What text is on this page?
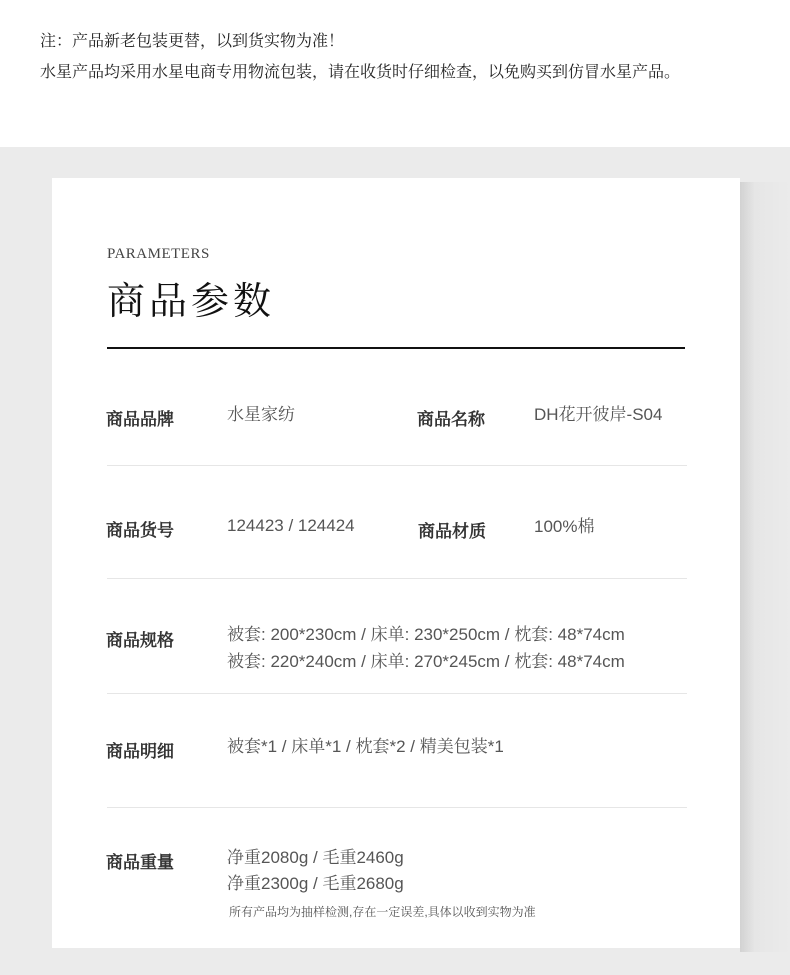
注：产品新老包装更替，以到货实物为准！
水星产品均采用水星电商专用物流包装，请在收货时仔细检查，以免购买到仿冒水星产品。
PARAMETERS
商品参数
商品品牌	水星家纺	商品名称	DH花开彼岸-S04
商品货号	124423 / 124424	商品材质	100%棉
商品规格	被套: 200*230cm / 床单: 230*250cm / 枕套: 48*74cm
被套: 220*240cm / 床单: 270*245cm / 枕套: 48*74cm
商品明细	被套*1 / 床单*1 / 枕套*2 / 精美包装*1
商品重量	净重2080g / 毛重2460g
净重2300g / 毛重2680g
所有产品均为抽样检测,存在一定误差,具体以收到实物为准
